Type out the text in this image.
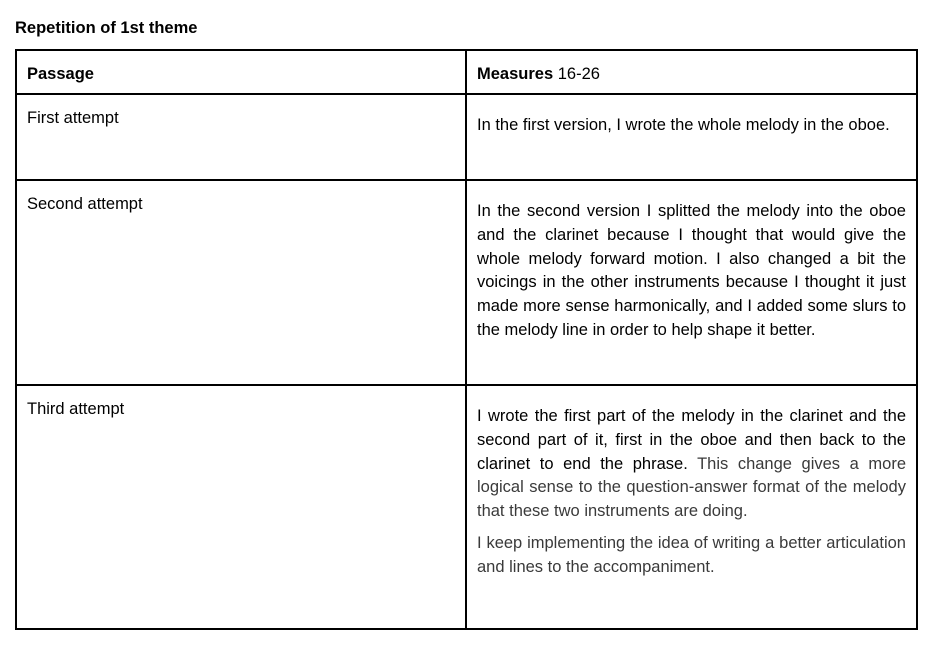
Repetition of 1st theme
Passage	Measures 16-26

First attempt	In the first version, I wrote the whole melody in the oboe.

Second attempt	In the second version I splitted the melody into the oboe and the clarinet because I thought that would give the whole melody forward motion. I also changed a bit the voicings in the other instruments because I thought it just made more sense harmonically, and I added some slurs to the melody line in order to help shape it better.

Third attempt	I wrote the first part of the melody in the clarinet and the second part of it, first in the oboe and then back to the clarinet to end the phrase. This change gives a more logical sense to the question-answer format of the melody that these two instruments are doing.

I keep implementing the idea of writing a better articulation and lines to the accompaniment.
